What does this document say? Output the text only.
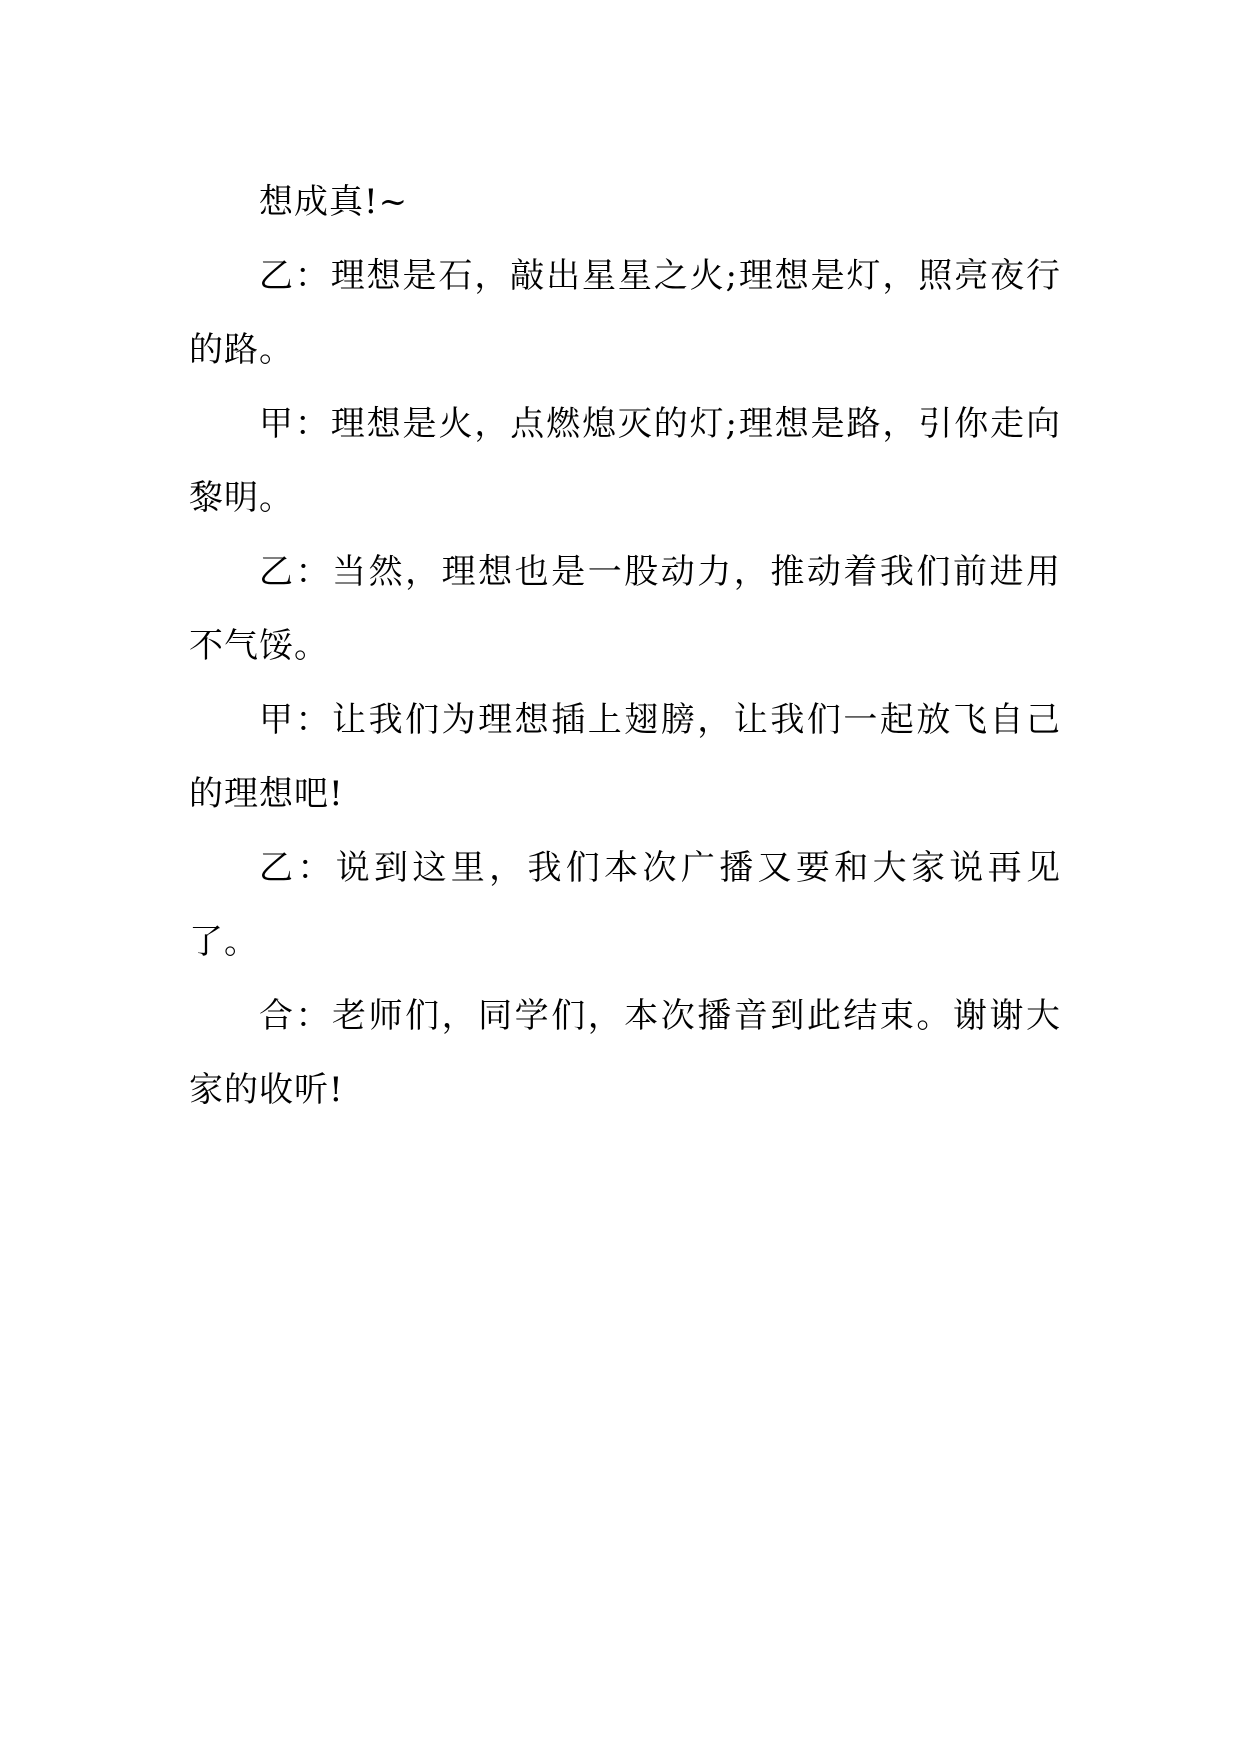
想成真!~

乙：理想是石，敲出星星之火;理想是灯，照亮夜行的路。

甲：理想是火，点燃熄灭的灯;理想是路，引你走向黎明。

乙：当然，理想也是一股动力，推动着我们前进用不气馁。

甲：让我们为理想插上翅膀，让我们一起放飞自己的理想吧!

乙：说到这里，我们本次广播又要和大家说再见了。

合：老师们，同学们，本次播音到此结束。谢谢大家的收听!
